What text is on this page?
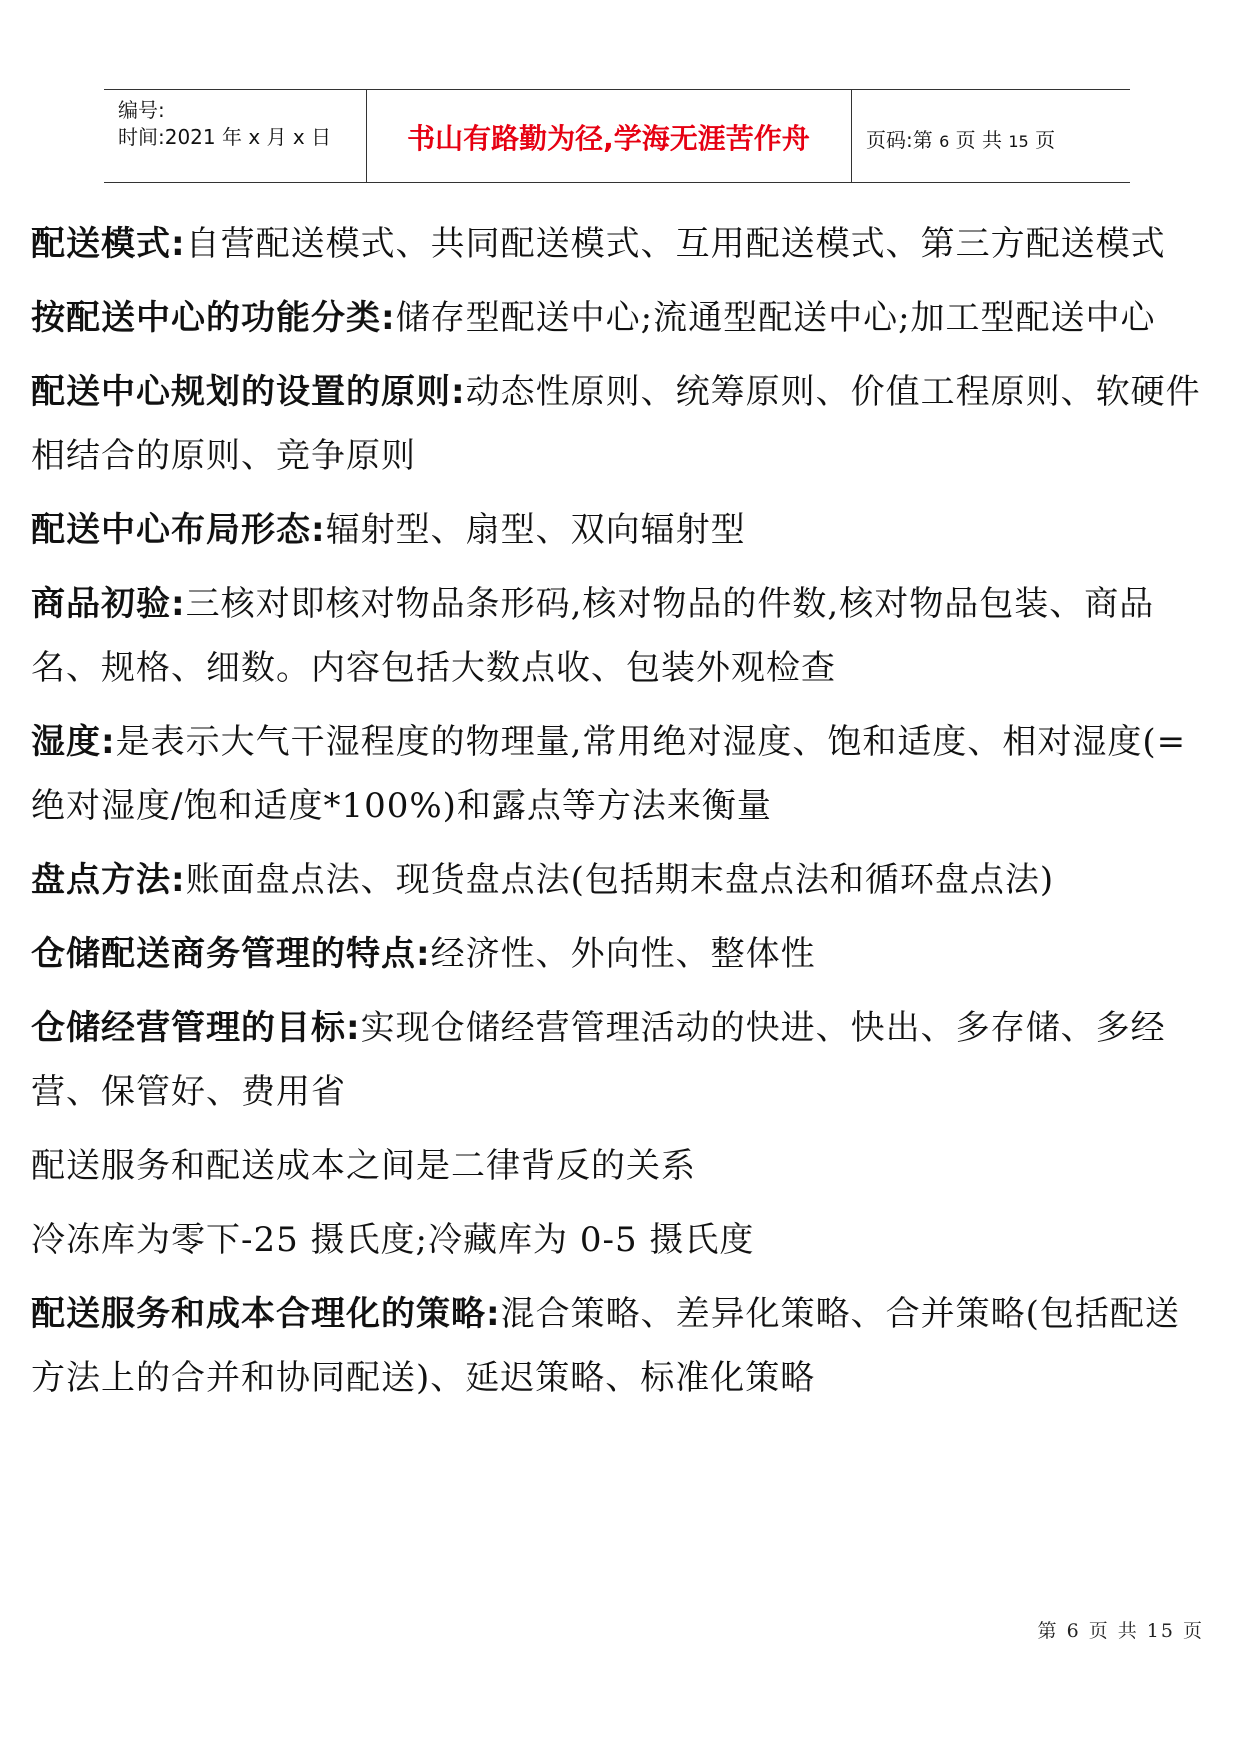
编号:
时间:2021 年 x 月 x 日	书山有路勤为径,学海无涯苦作舟	页码:第 6 页 共 15 页

配送模式:自营配送模式、共同配送模式、互用配送模式、第三方配送模式

按配送中心的功能分类:储存型配送中心;流通型配送中心;加工型配送中心

配送中心规划的设置的原则:动态性原则、统筹原则、价值工程原则、软硬件相结合的原则、竞争原则

配送中心布局形态:辐射型、扇型、双向辐射型

商品初验:三核对即核对物品条形码,核对物品的件数,核对物品包装、商品名、规格、细数。内容包括大数点收、包装外观检查

湿度:是表示大气干湿程度的物理量,常用绝对湿度、饱和适度、相对湿度(=绝对湿度/饱和适度*100%)和露点等方法来衡量

盘点方法:账面盘点法、现货盘点法(包括期末盘点法和循环盘点法)

仓储配送商务管理的特点:经济性、外向性、整体性

仓储经营管理的目标:实现仓储经营管理活动的快进、快出、多存储、多经营、保管好、费用省

配送服务和配送成本之间是二律背反的关系

冷冻库为零下-25 摄氏度;冷藏库为 0-5 摄氏度

配送服务和成本合理化的策略:混合策略、差异化策略、合并策略(包括配送方法上的合并和协同配送)、延迟策略、标准化策略

第 6 页 共 15 页
